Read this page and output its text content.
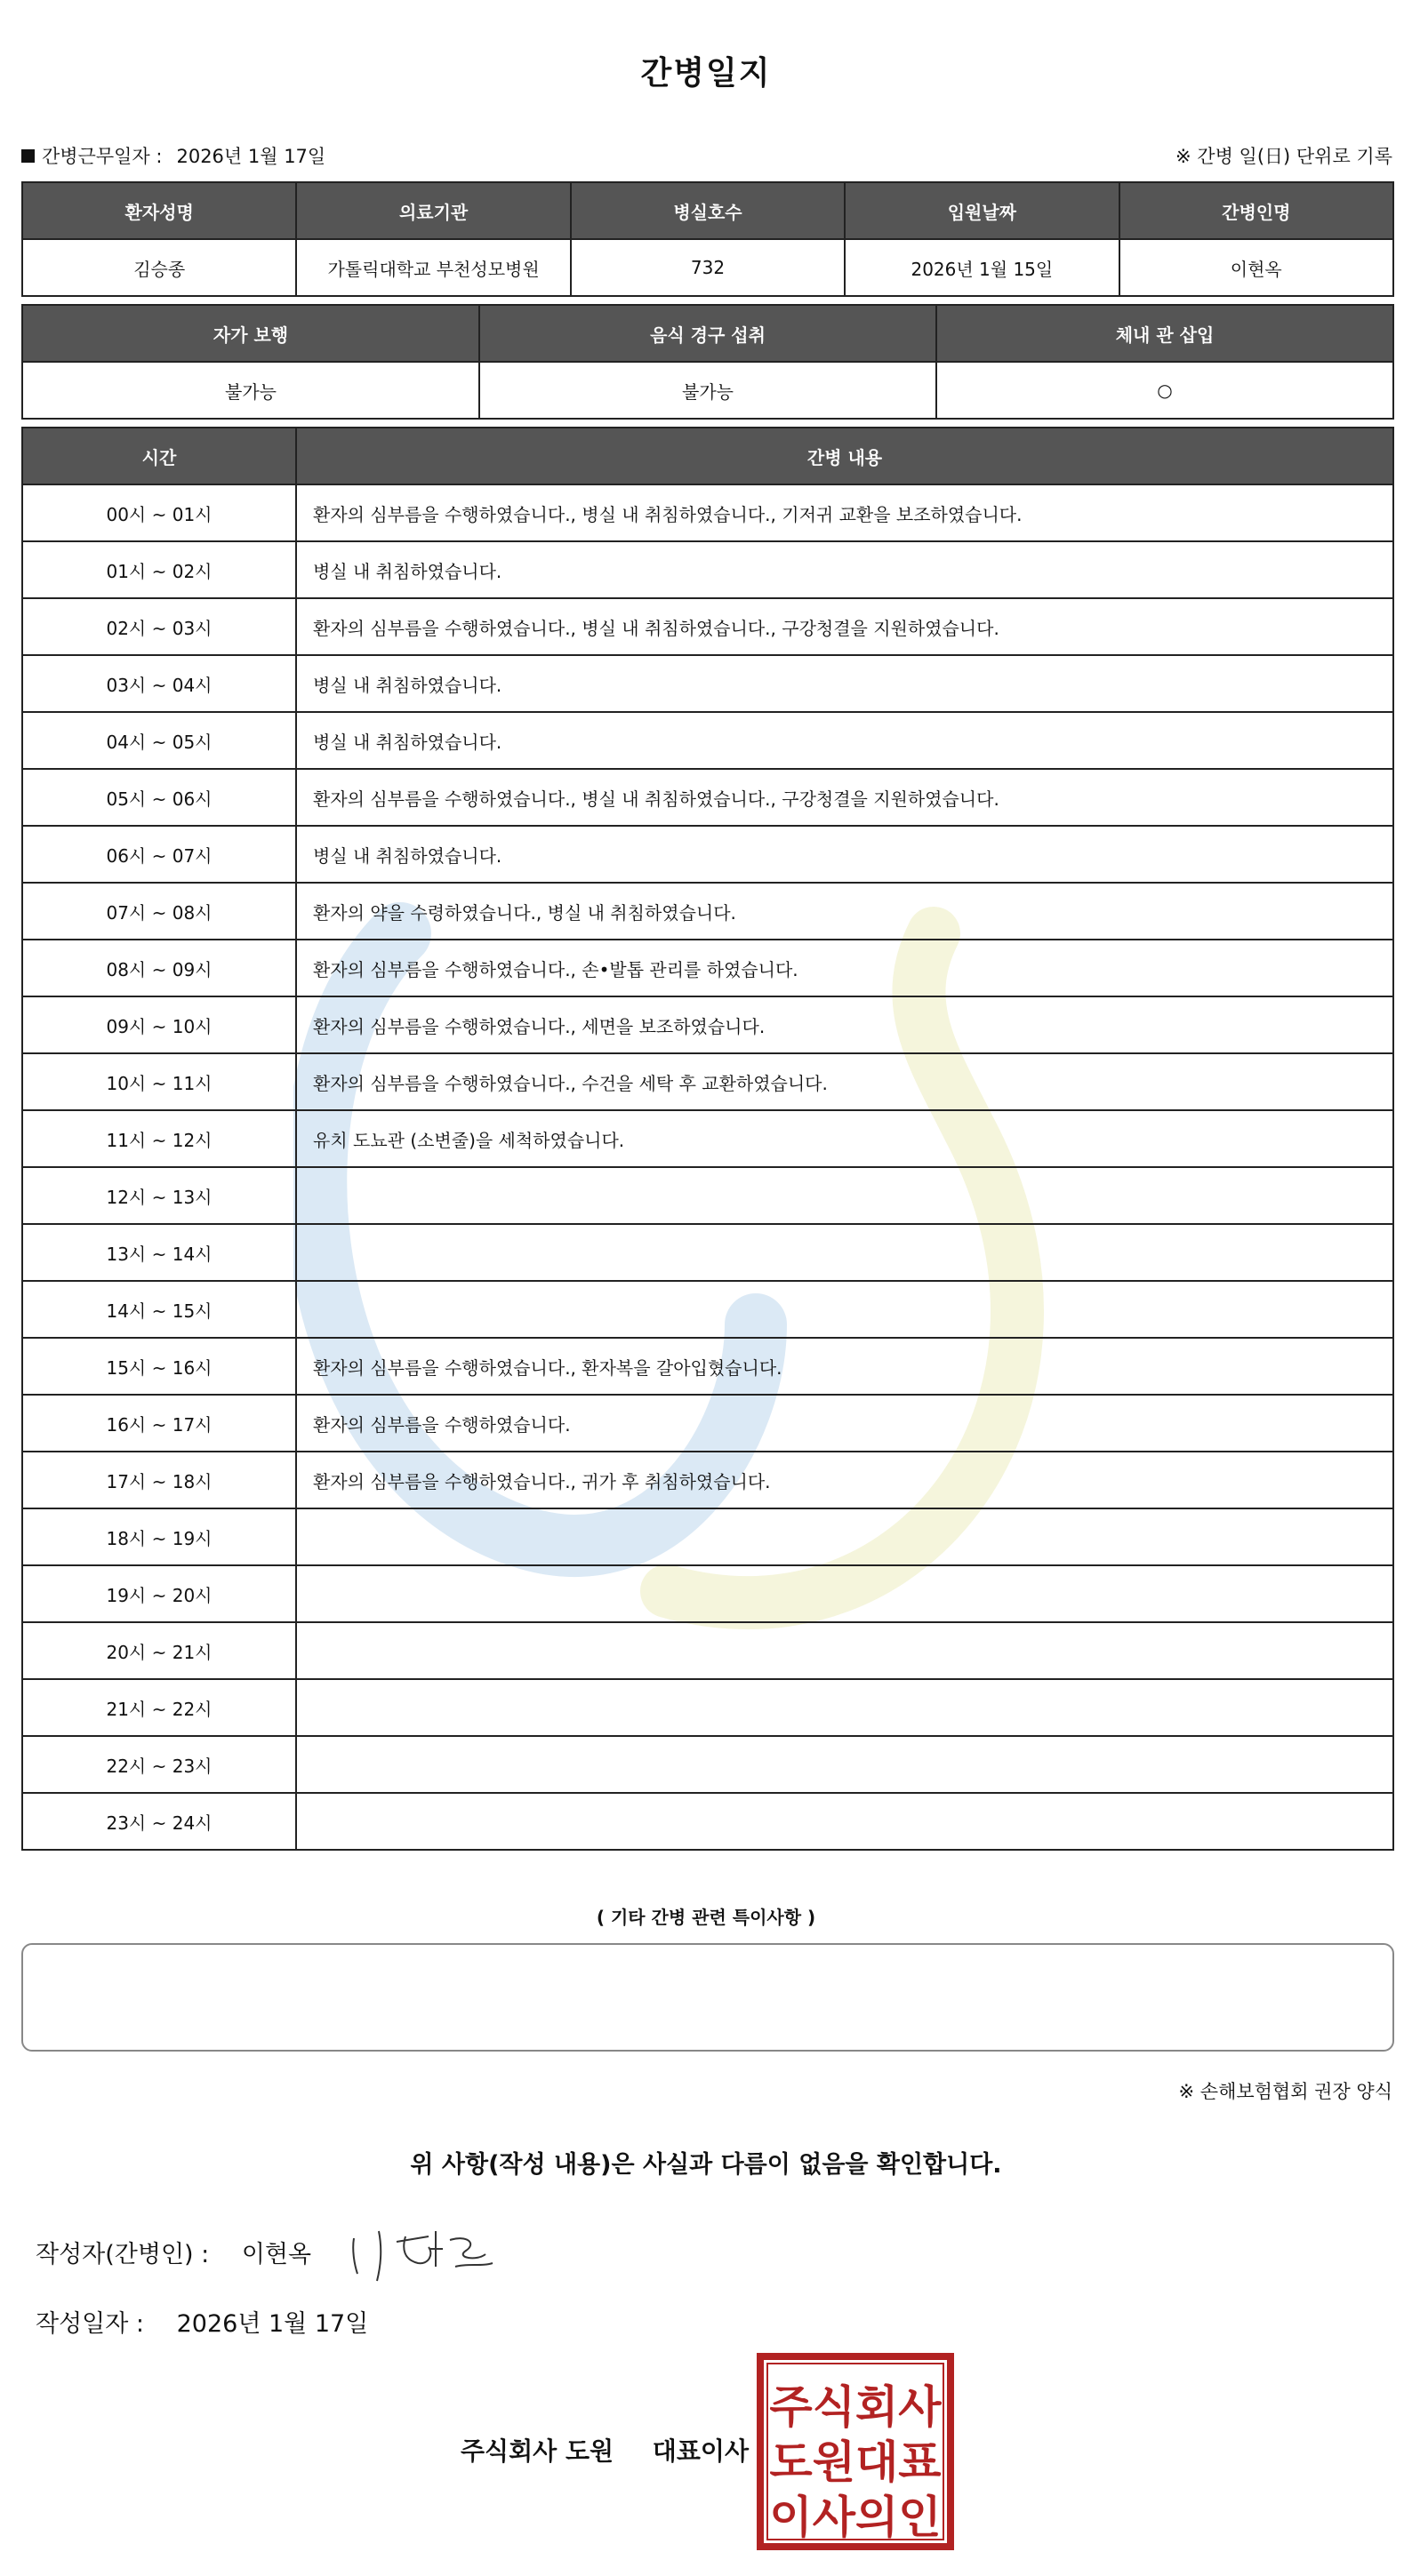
간병일지
간병근무일자 : 2026년 1월 17일	※ 간병 일(日) 단위로 기록
환자성명	의료기관	병실호수	입원날짜	간병인명
김승종	가톨릭대학교 부천성모병원	732	2026년 1월 15일	이현옥
자가 보행	음식 경구 섭취	체내 관 삽입
불가능	불가능	○
시간	간병 내용
00시 ~ 01시	환자의 심부름을 수행하였습니다., 병실 내 취침하였습니다., 기저귀 교환을 보조하였습니다.
01시 ~ 02시	병실 내 취침하였습니다.
02시 ~ 03시	환자의 심부름을 수행하였습니다., 병실 내 취침하였습니다., 구강청결을 지원하였습니다.
03시 ~ 04시	병실 내 취침하였습니다.
04시 ~ 05시	병실 내 취침하였습니다.
05시 ~ 06시	환자의 심부름을 수행하였습니다., 병실 내 취침하였습니다., 구강청결을 지원하였습니다.
06시 ~ 07시	병실 내 취침하였습니다.
07시 ~ 08시	환자의 약을 수령하였습니다., 병실 내 취침하였습니다.
08시 ~ 09시	환자의 심부름을 수행하였습니다., 손•발톱 관리를 하였습니다.
09시 ~ 10시	환자의 심부름을 수행하였습니다., 세면을 보조하였습니다.
10시 ~ 11시	환자의 심부름을 수행하였습니다., 수건을 세탁 후 교환하였습니다.
11시 ~ 12시	유치 도뇨관 (소변줄)을 세척하였습니다.
12시 ~ 13시	
13시 ~ 14시	
14시 ~ 15시	
15시 ~ 16시	환자의 심부름을 수행하였습니다., 환자복을 갈아입혔습니다.
16시 ~ 17시	환자의 심부름을 수행하였습니다.
17시 ~ 18시	환자의 심부름을 수행하였습니다., 귀가 후 취침하였습니다.
18시 ~ 19시	
19시 ~ 20시	
20시 ~ 21시	
21시 ~ 22시	
22시 ~ 23시	
23시 ~ 24시	
( 기타 간병 관련 특이사항 )
※ 손해보험협회 권장 양식
위 사항(작성 내용)은 사실과 다름이 없음을 확인합니다.
작성자(간병인) : 이현옥
작성일자 : 2026년 1월 17일
주식회사 도원 대표이사
주식회사
도원대표
이사의인
